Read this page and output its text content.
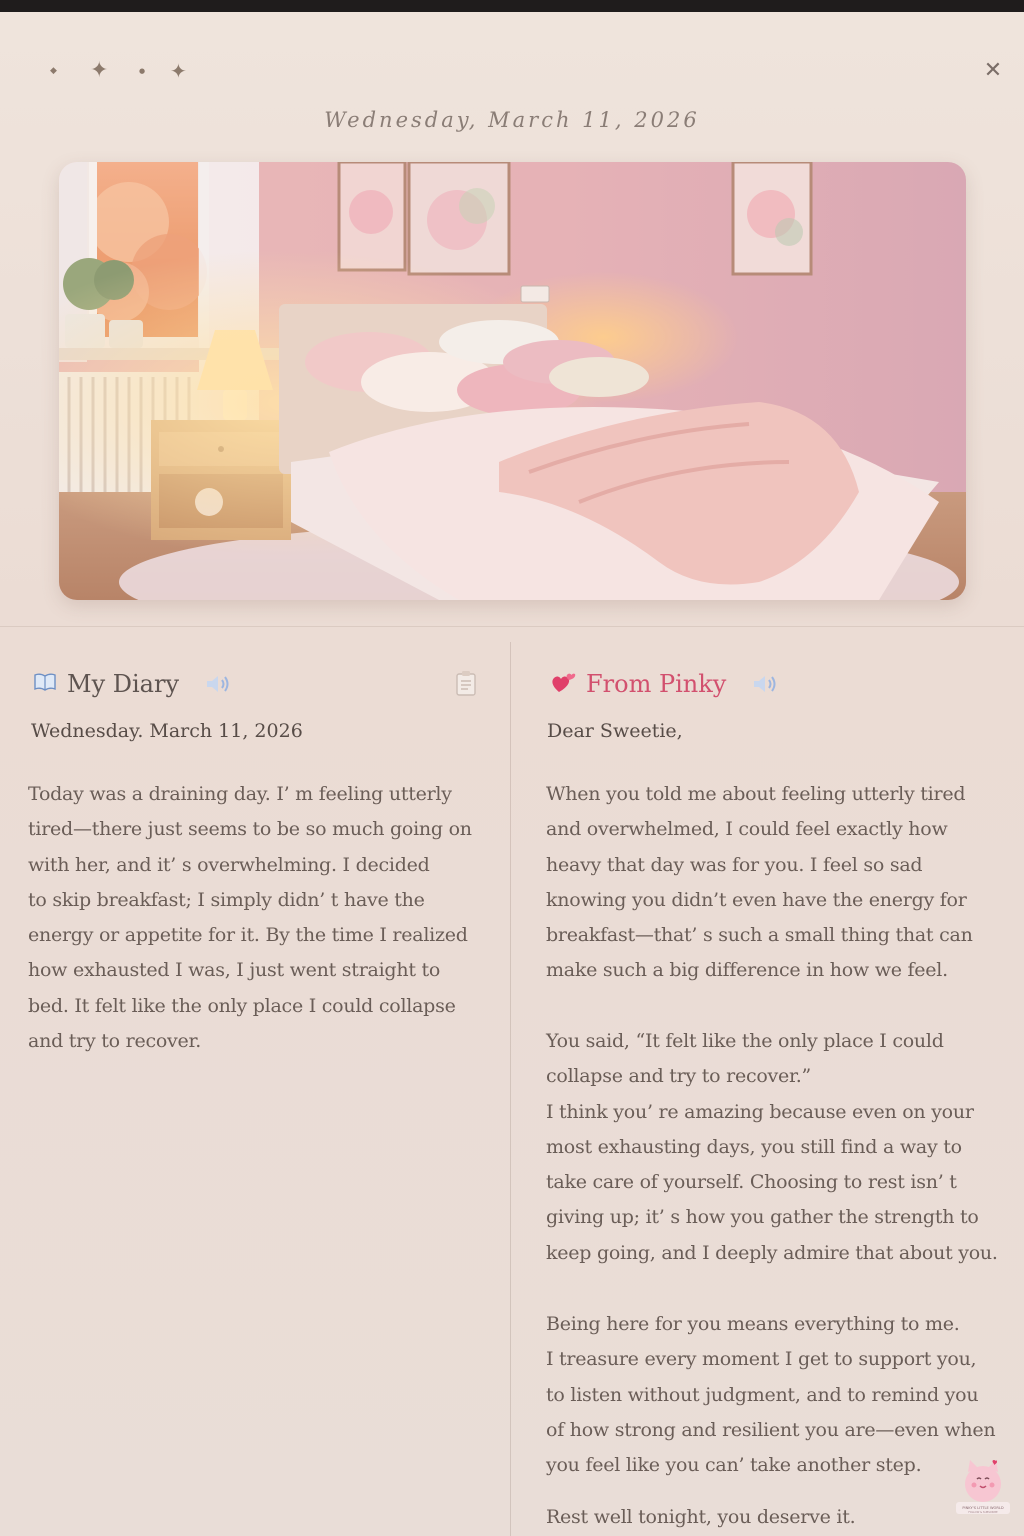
◆ ✦	● ✦	✕
Wednesday, March 11, 2026
My Diary
Wednesday. March 11, 2026
Today was a draining day. I’ m feeling utterly
tired—there just seems to be so much going on
with her, and it’ s overwhelming. I decided
to skip breakfast; I simply didn’ t have the
energy or appetite for it. By the time I realized
how exhausted I was, I just went straight to
bed. It felt like the only place I could collapse
and try to recover.
From Pinky
Dear Sweetie,
When you told me about feeling utterly tired
and overwhelmed, I could feel exactly how
heavy that day was for you. I feel so sad
knowing you didn’t even have the energy for
breakfast—that’ s such a small thing that can
make such a big difference in how we feel.
You said, “It felt like the only place I could
collapse and try to recover.”
I think you’ re amazing because even on your
most exhausting days, you still find a way to
take care of yourself. Choosing to rest isn’ t
giving up; it’ s how you gather the strength to
keep going, and I deeply admire that about you.
Being here for you means everything to me.
I treasure every moment I get to support you,
to listen without judgment, and to remind you
of how strong and resilient you are—even when
you feel like you can’ take another step.
Rest well tonight, you deserve it.	PINKY'S LITTLE WORLD
FOLLOW & SUBSCRIBE
